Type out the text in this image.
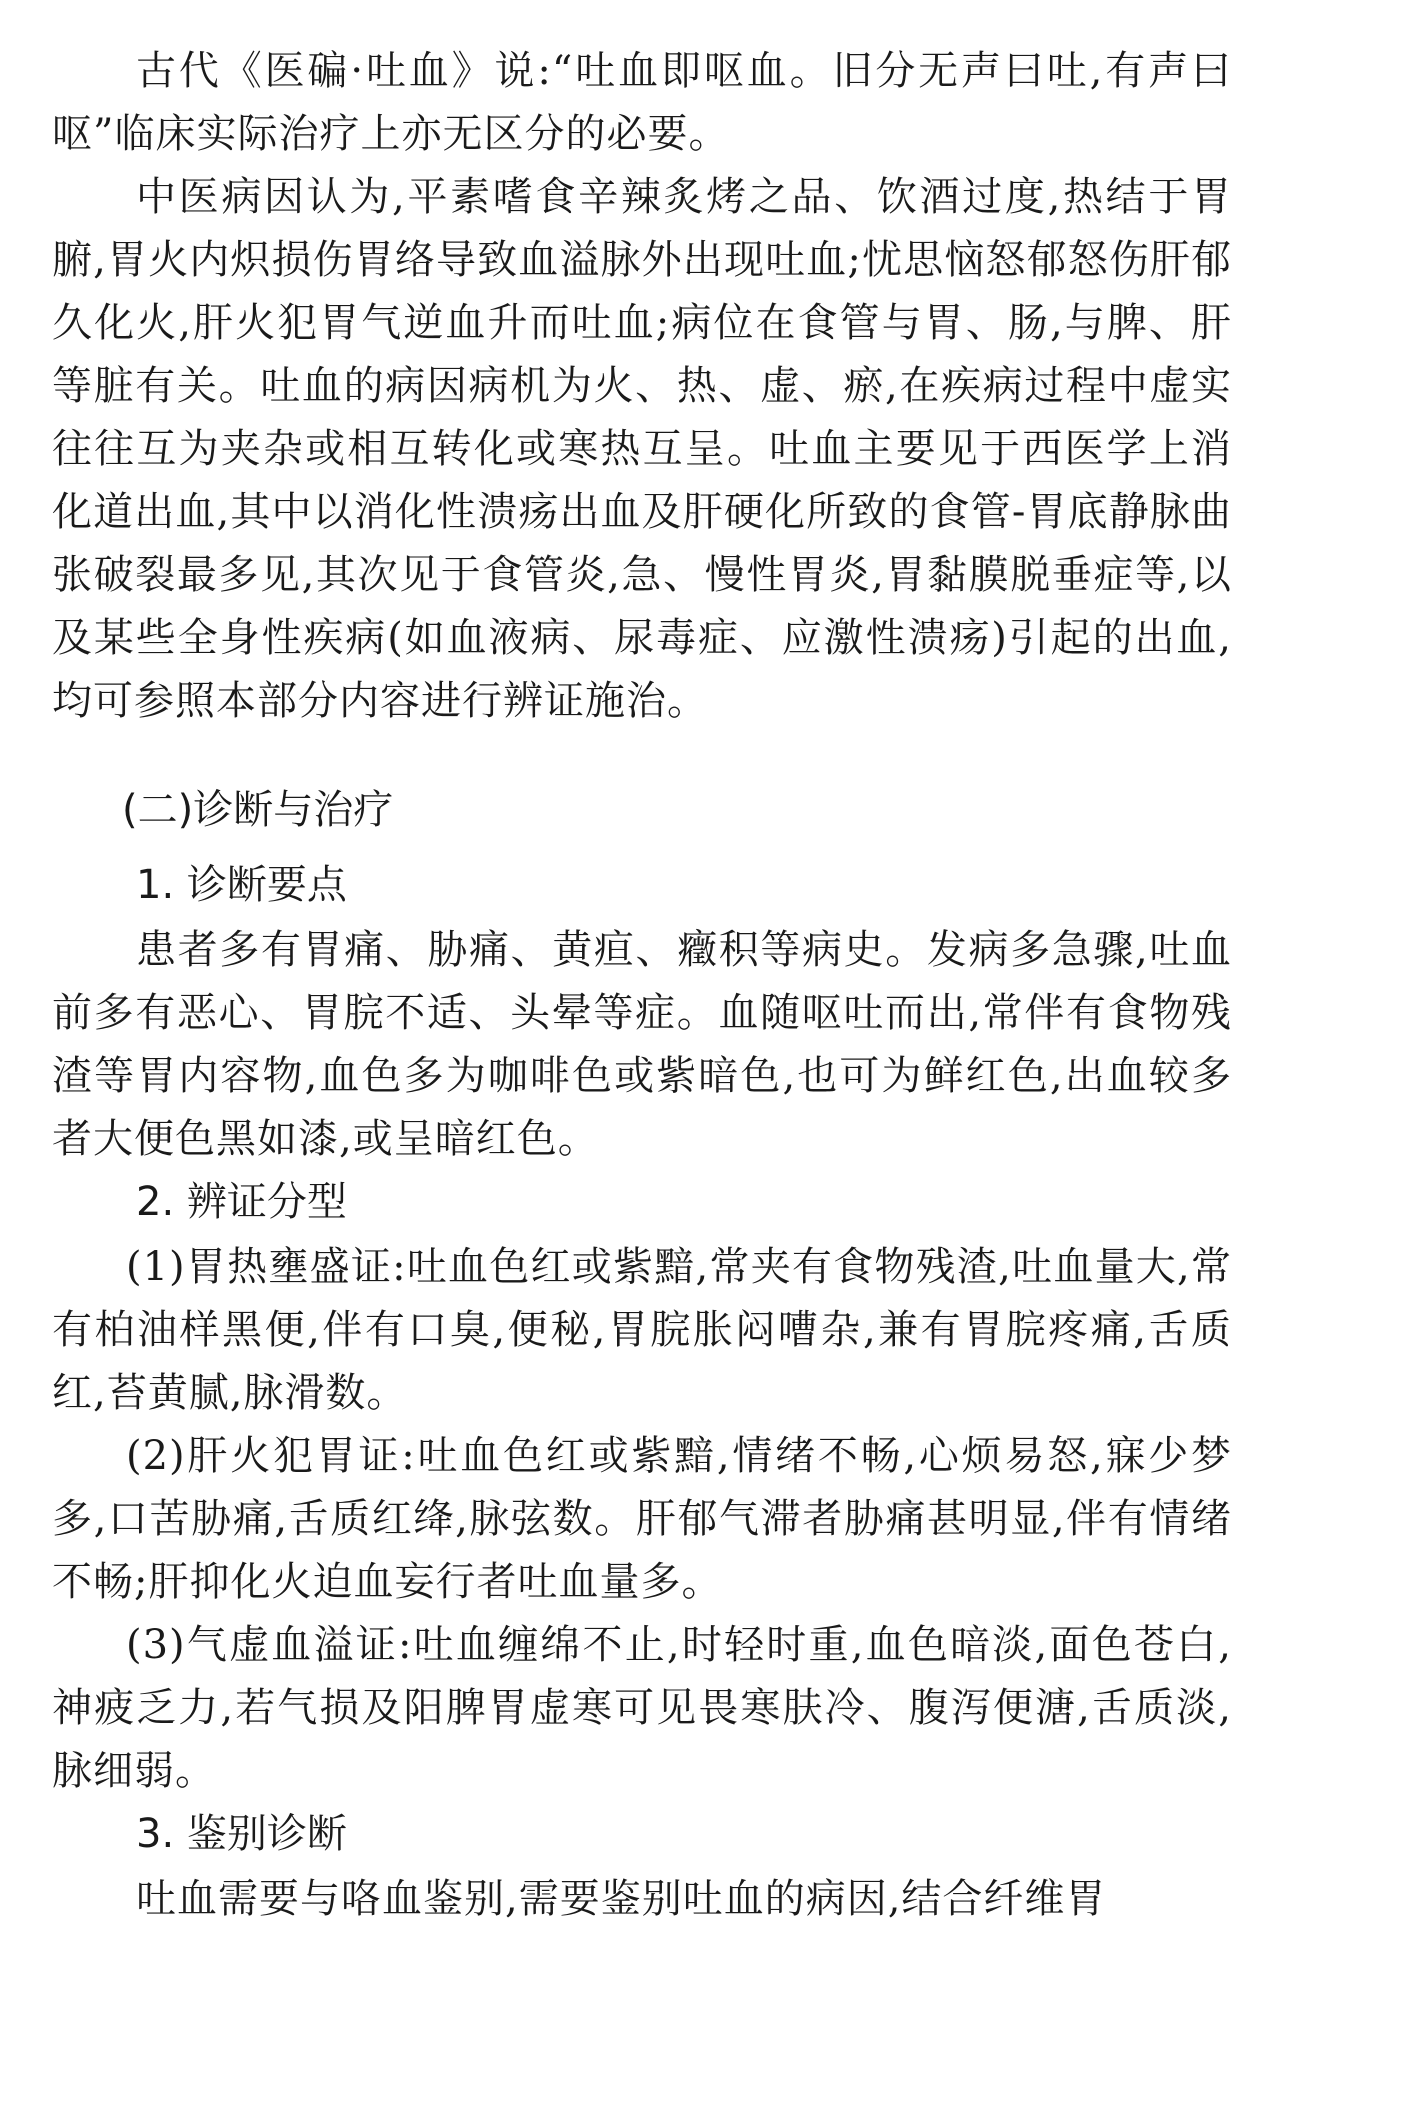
古代《医碥·吐血》说:“吐血即呕血。旧分无声曰吐,有声曰呕”临床实际治疗上亦无区分的必要。

中医病因认为,平素嗜食辛辣炙烤之品、饮酒过度,热结于胃腑,胃火内炽损伤胃络导致血溢脉外出现吐血;忧思恼怒郁怒伤肝郁久化火,肝火犯胃气逆血升而吐血;病位在食管与胃、肠,与脾、肝等脏有关。吐血的病因病机为火、热、虚、瘀,在疾病过程中虚实往往互为夹杂或相互转化或寒热互呈。吐血主要见于西医学上消化道出血,其中以消化性溃疡出血及肝硬化所致的食管-胃底静脉曲张破裂最多见,其次见于食管炎,急、慢性胃炎,胃黏膜脱垂症等,以及某些全身性疾病(如血液病、尿毒症、应激性溃疡)引起的出血,均可参照本部分内容进行辨证施治。

(二)诊断与治疗
1. 诊断要点

患者多有胃痛、胁痛、黄疸、癥积等病史。发病多急骤,吐血前多有恶心、胃脘不适、头晕等症。血随呕吐而出,常伴有食物残渣等胃内容物,血色多为咖啡色或紫暗色,也可为鲜红色,出血较多者大便色黑如漆,或呈暗红色。

2. 辨证分型

(1)胃热壅盛证:吐血色红或紫黯,常夹有食物残渣,吐血量大,常有柏油样黑便,伴有口臭,便秘,胃脘胀闷嘈杂,兼有胃脘疼痛,舌质红,苔黄腻,脉滑数。

(2)肝火犯胃证:吐血色红或紫黯,情绪不畅,心烦易怒,寐少梦多,口苦胁痛,舌质红绛,脉弦数。肝郁气滞者胁痛甚明显,伴有情绪不畅;肝抑化火迫血妄行者吐血量多。

(3)气虚血溢证:吐血缠绵不止,时轻时重,血色暗淡,面色苍白,神疲乏力,若气损及阳脾胃虚寒可见畏寒肤冷、腹泻便溏,舌质淡,脉细弱。

3. 鉴别诊断

吐血需要与咯血鉴别,需要鉴别吐血的病因,结合纤维胃
